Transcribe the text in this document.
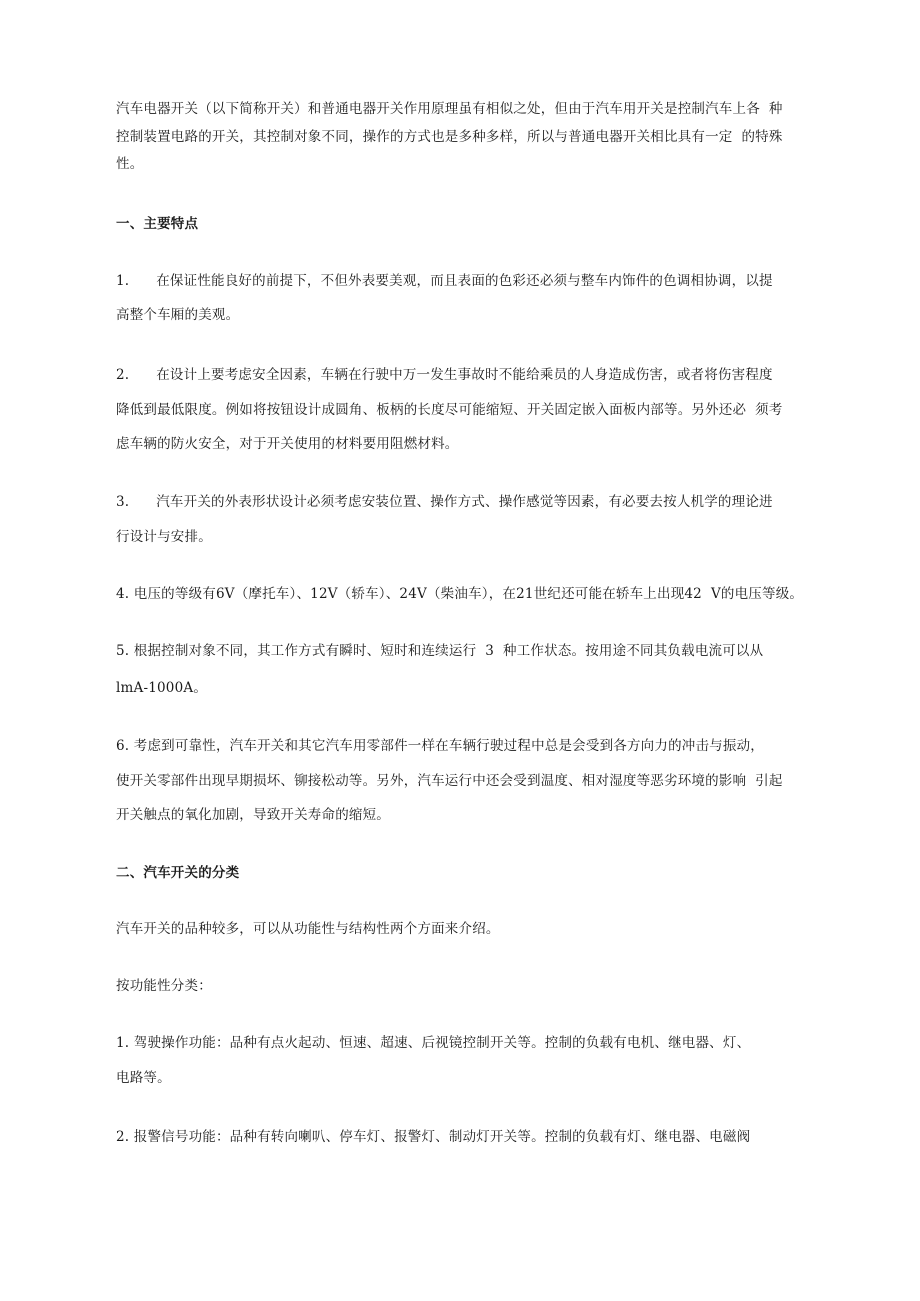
汽车电器开关（以下简称开关）和普通电器开关作用原理虽有相似之处，但由于汽车用开关是控制汽车上各  种
控制装置电路的开关，其控制对象不同，操作的方式也是多种多样，所以与普通电器开关相比具有一定  的特殊
性。
一、主要特点
1.      在保证性能良好的前提下，不但外表要美观，而且表面的色彩还必须与整车内饰件的色调相协调，以提
高整个车厢的美观。
2.      在设计上要考虑安全因素，车辆在行驶中万一发生事故时不能给乘员的人身造成伤害，或者将伤害程度
降低到最低限度。例如将按钮设计成圆角、板柄的长度尽可能缩短、开关固定嵌入面板内部等。另外还必  须考
虑车辆的防火安全，对于开关使用的材料要用阻燃材料。
3.      汽车开关的外表形状设计必须考虑安装位置、操作方式、操作感觉等因素，有必要去按人机学的理论进
行设计与安排。
4. 电压的等级有6V（摩托车）、12V（轿车）、24V（柴油车），在21世纪还可能在轿车上出现42  V的电压等级。
5. 根据控制对象不同，其工作方式有瞬时、短时和连续运行  3  种工作状态。按用途不同其负载电流可以从
lmA-1000A。
6. 考虑到可靠性，汽车开关和其它汽车用零部件一样在车辆行驶过程中总是会受到各方向力的冲击与振动，
使开关零部件出现早期损坏、铆接松动等。另外，汽车运行中还会受到温度、相对湿度等恶劣环境的影响  引起
开关触点的氧化加剧，导致开关寿命的缩短。
二、汽车开关的分类
汽车开关的品种较多，可以从功能性与结构性两个方面来介绍。
按功能性分类：
1. 驾驶操作功能：品种有点火起动、恒速、超速、后视镜控制开关等。控制的负载有电机、继电器、灯、
电路等。
2. 报警信号功能：品种有转向喇叭、停车灯、报警灯、制动灯开关等。控制的负载有灯、继电器、电磁阀
